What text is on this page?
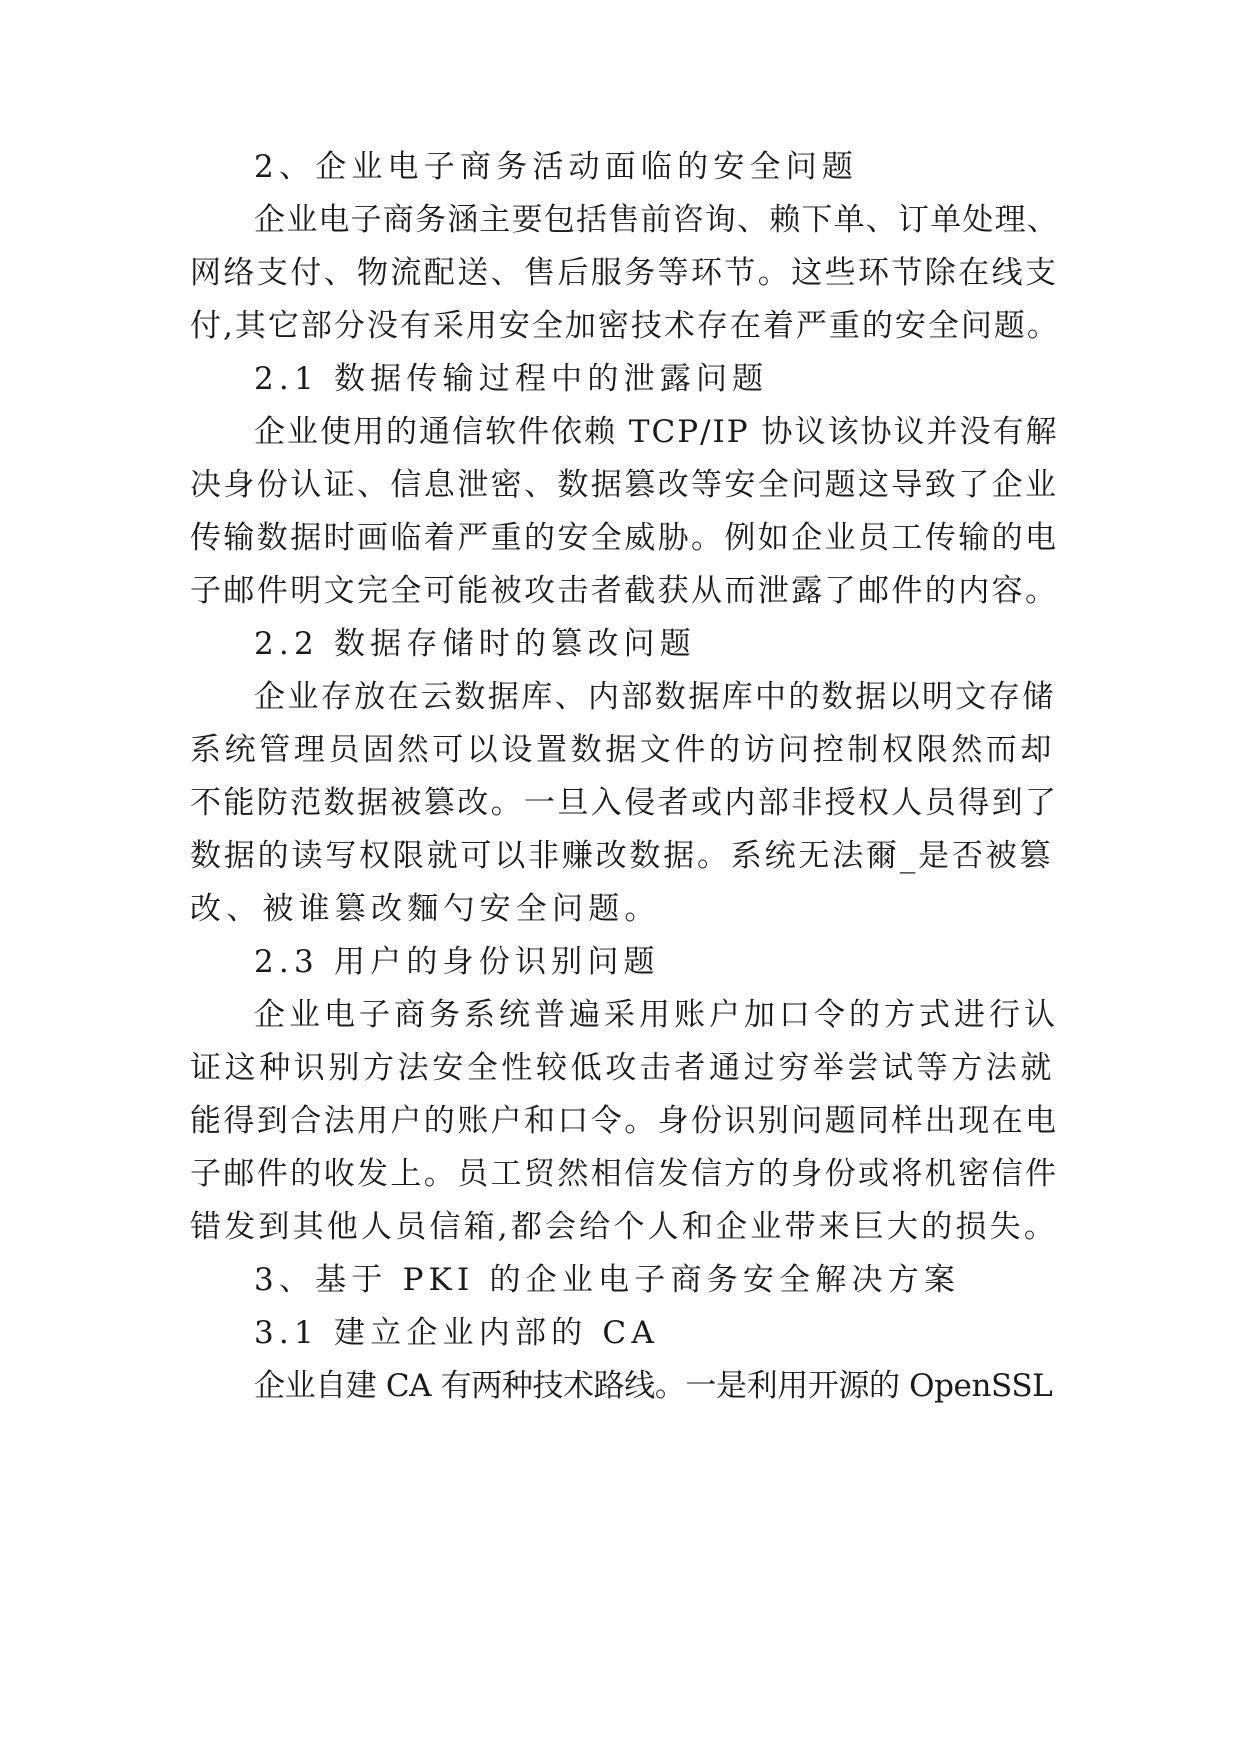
2、企业电子商务活动面临的安全问题
企业电子商务涵主要包括售前咨询、赖下单、订单处理、
网络支付、物流配送、售后服务等环节。这些环节除在线支
付,其它部分没有采用安全加密技术存在着严重的安全问题。
2.1 数据传输过程中的泄露问题
企业使用的通信软件依赖 TCP/IP 协议该协议并没有解
决身份认证、信息泄密、数据篡改等安全问题这导致了企业
传输数据时画临着严重的安全威胁。例如企业员工传输的电
子邮件明文完全可能被攻击者截获从而泄露了邮件的内容。
2.2 数据存储时的篡改问题
企业存放在云数据库、内部数据库中的数据以明文存储
系统管理员固然可以设置数据文件的访问控制权限然而却
不能防范数据被篡改。一旦入侵者或内部非授权人员得到了
数据的读写权限就可以非赚改数据。系统无法爾_是否被篡
改、被谁篡改麵勺安全问题。
2.3 用户的身份识别问题
企业电子商务系统普遍采用账户加口令的方式进行认
证这种识别方法安全性较低攻击者通过穷举尝试等方法就
能得到合法用户的账户和口令。身份识别问题同样出现在电
子邮件的收发上。员工贸然相信发信方的身份或将机密信件
错发到其他人员信箱,都会给个人和企业带来巨大的损失。
3、基于 PKI 的企业电子商务安全解决方案
3.1 建立企业内部的 CA
企业自建 CA 有两种技术路线。一是利用开源的 OpenSSL
